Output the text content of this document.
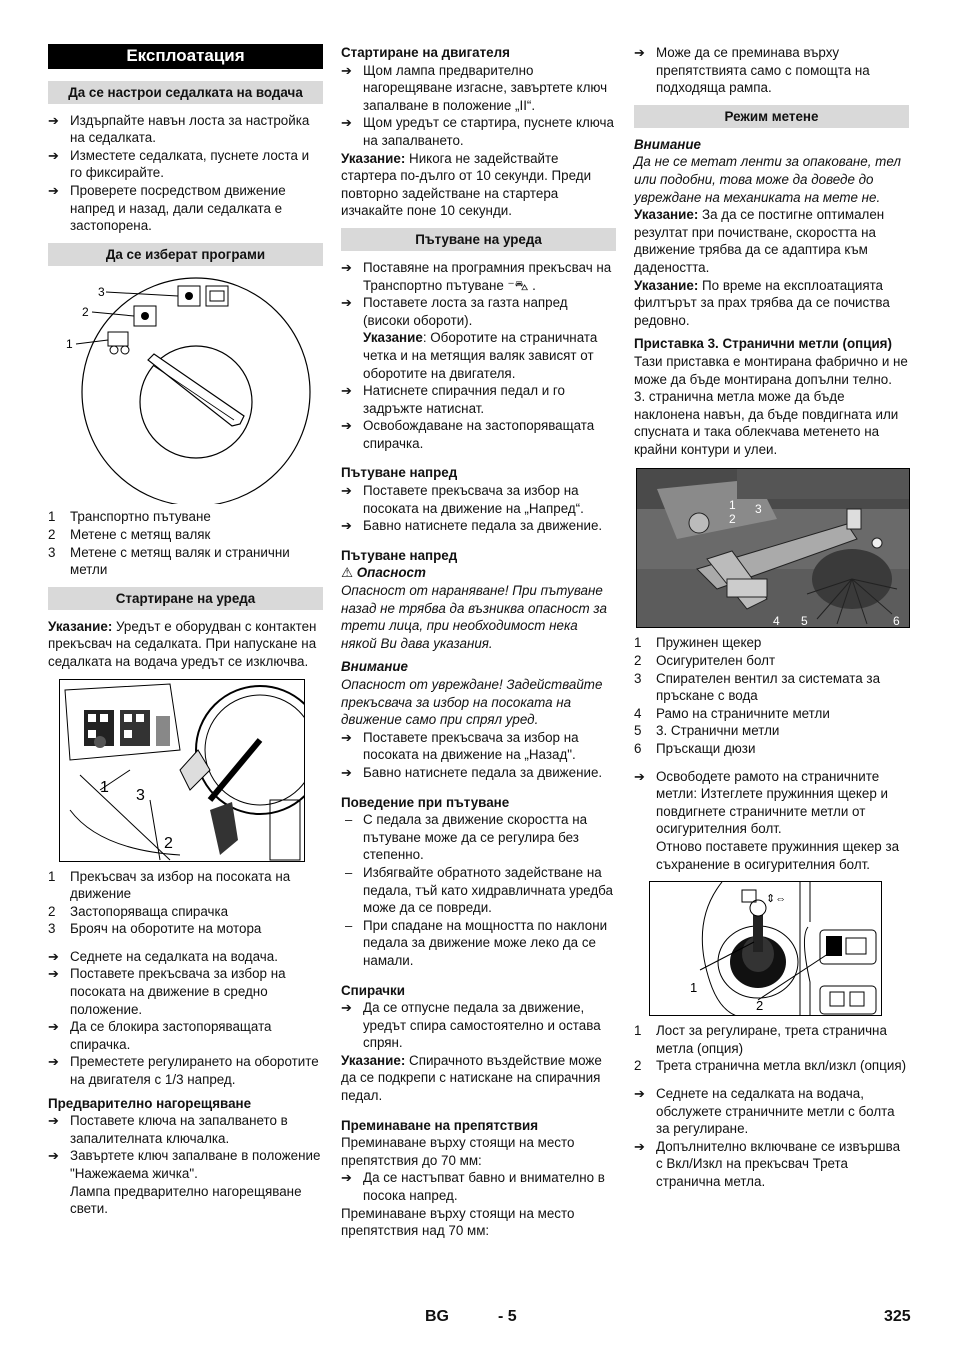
Експлоатация
Да се настрои седалката на водача
➔ Издърпайте навън лоста за настройка на седалката.
➔ Изместете седалката, пуснете лоста и го фиксирайте.
➔ Проверете посредством движение напред и назад, дали седалката е застопорена.
Да се изберат програми
3
2
1
1 Транспортно пътуване
2 Метене с метящ валяк
3 Метене с метящ валяк и странични метли
Стартиране на уреда

Указание: Уредът е оборудван с контактен прекъсвач на седалката. При напускане на седалката на водача уредът се изключва.

1 3
2
1 Прекъсвач за избор на посоката на движение
2 Застопоряваща спирачка
3 Брояч на оборотите на мотора
➔ Седнете на седалката на водача.
➔ Поставете прекъсвача за избор на посоката на движение в средно положение.
➔ Да се блокира застопоряващата спирачка.
➔ Преместете регулирането на оборотите на двигателя с 1/3 напред.
Предварително нагорещяване
➔ Поставете ключа на запалването в запалителната ключалка.
➔ Завъртете ключ запалване в положение "Нажежаема жичка".
Лампа предварително нагорещяване свети.
Стартиране на двигателя
➔ Щом лампа предварително нагорещяване изгасне, завъртете ключ запалване в положение „II“.
➔ Щом уредът се стартира, пуснете ключа на запалването.

Указание: Никога не задействайте стартера по-дълго от 10 секунди. Преди повторно задействане на стартера изчакайте поне 10 секунди.

Пътуване на уреда
➔ Поставяне на програмния прекъсвач на Транспортно пътуване ⁻⛍ .
➔ Поставете лоста за газта напред (високи обороти).
Указание: Оборотите на страничната четка и на метящия валяк зависят от оборотите на двигателя.
➔ Натиснете спирачния педал и го задръжте натиснат.
➔ Освобождаване на застопоряващата спирачка.
Пътуване напред
➔ Поставете прекъсвача за избор на посоката на движение на „Напред“.
➔ Бавно натиснете педала за движение.
Пътуване напред

⚠ Опасност

Опасност от нараняване! При пътуване назад не трябва да възниква опасност за трети лица, при необходимост нека някой Ви дава указания.

Внимание

Опасност от увреждане! Задействайте прекъсвача за избор на посоката на движение само при спрял уред.

➔ Поставете прекъсвача за избор на посоката на движение на „Назад".
➔ Бавно натиснете педала за движение.
Поведение при пътуване
– С педала за движение скоростта на пътуване може да се регулира без степенно.
– Избягвайте обратното задействане на педала, тъй като хидравличната уредба може да се повреди.
– При спадане на мощността по наклони педала за движение може леко да се намали.
Спирачки
➔ Да се отпусне педала за движение, уредът спира самостоятелно и остава спрян.

Указание: Спирачното въздействие може да се подкрепи с натискане на спирачния педал.

Преминаване на препятствия

Преминаване върху стоящи на место препятствия до 70 мм:

➔ Да се настъпват бавно и внимателно в посока напред.

Преминаване върху стоящи на место препятствия над 70 мм:

➔ Може да се преминава върху препятствията само с помощта на подходяща рампа.
Режим метене

Внимание

Да не се метат ленти за опаковане, тел или подобни, това може да доведе до увреждане на механиката на мете не.

Указание: За да се постигне оптимален резултат при почистване, скоростта на движение трябва да се адаптира към дадеността.

Указание: По време на експлоатацията филтърът за прах трябва да се почиства редовно.

Приставка 3. Странични метли (опция)

Тази приставка е монтирана фабрично и не може да бъде монтирана допълни телно.

3. странична метла може да бъде наклонена навън, да бъде повдигната или спусната и така облекчава метенето на крайни контури и улеи.

1
2
3
4 5	6
1 Пружинен щекер
2 Осигурителен болт
3 Спирателен вентил за системата за пръскане с вода
4 Рамо на страничните метли
5 3. Странични метли
6 Пръскащи дюзи
➔ Освободете рамото на страничните метли: Изтеглете пружинния щекер и повдигнете страничните метли от осигурителния болт.
Отново поставете пружинния щекер за съхранение в осигурителния болт.
⇕⇔
1
2
1 Лост за регулиране, трета странична метла (опция)
2 Трета странична метла вкл/изкл (опция)
➔ Седнете на седалката на водача, обслужете страничните метли с болта за регулиране.
➔ Допълнително включване се извършва с Вкл/Изкл на прекъсвач Трета странична метла.
BG	- 5	325
